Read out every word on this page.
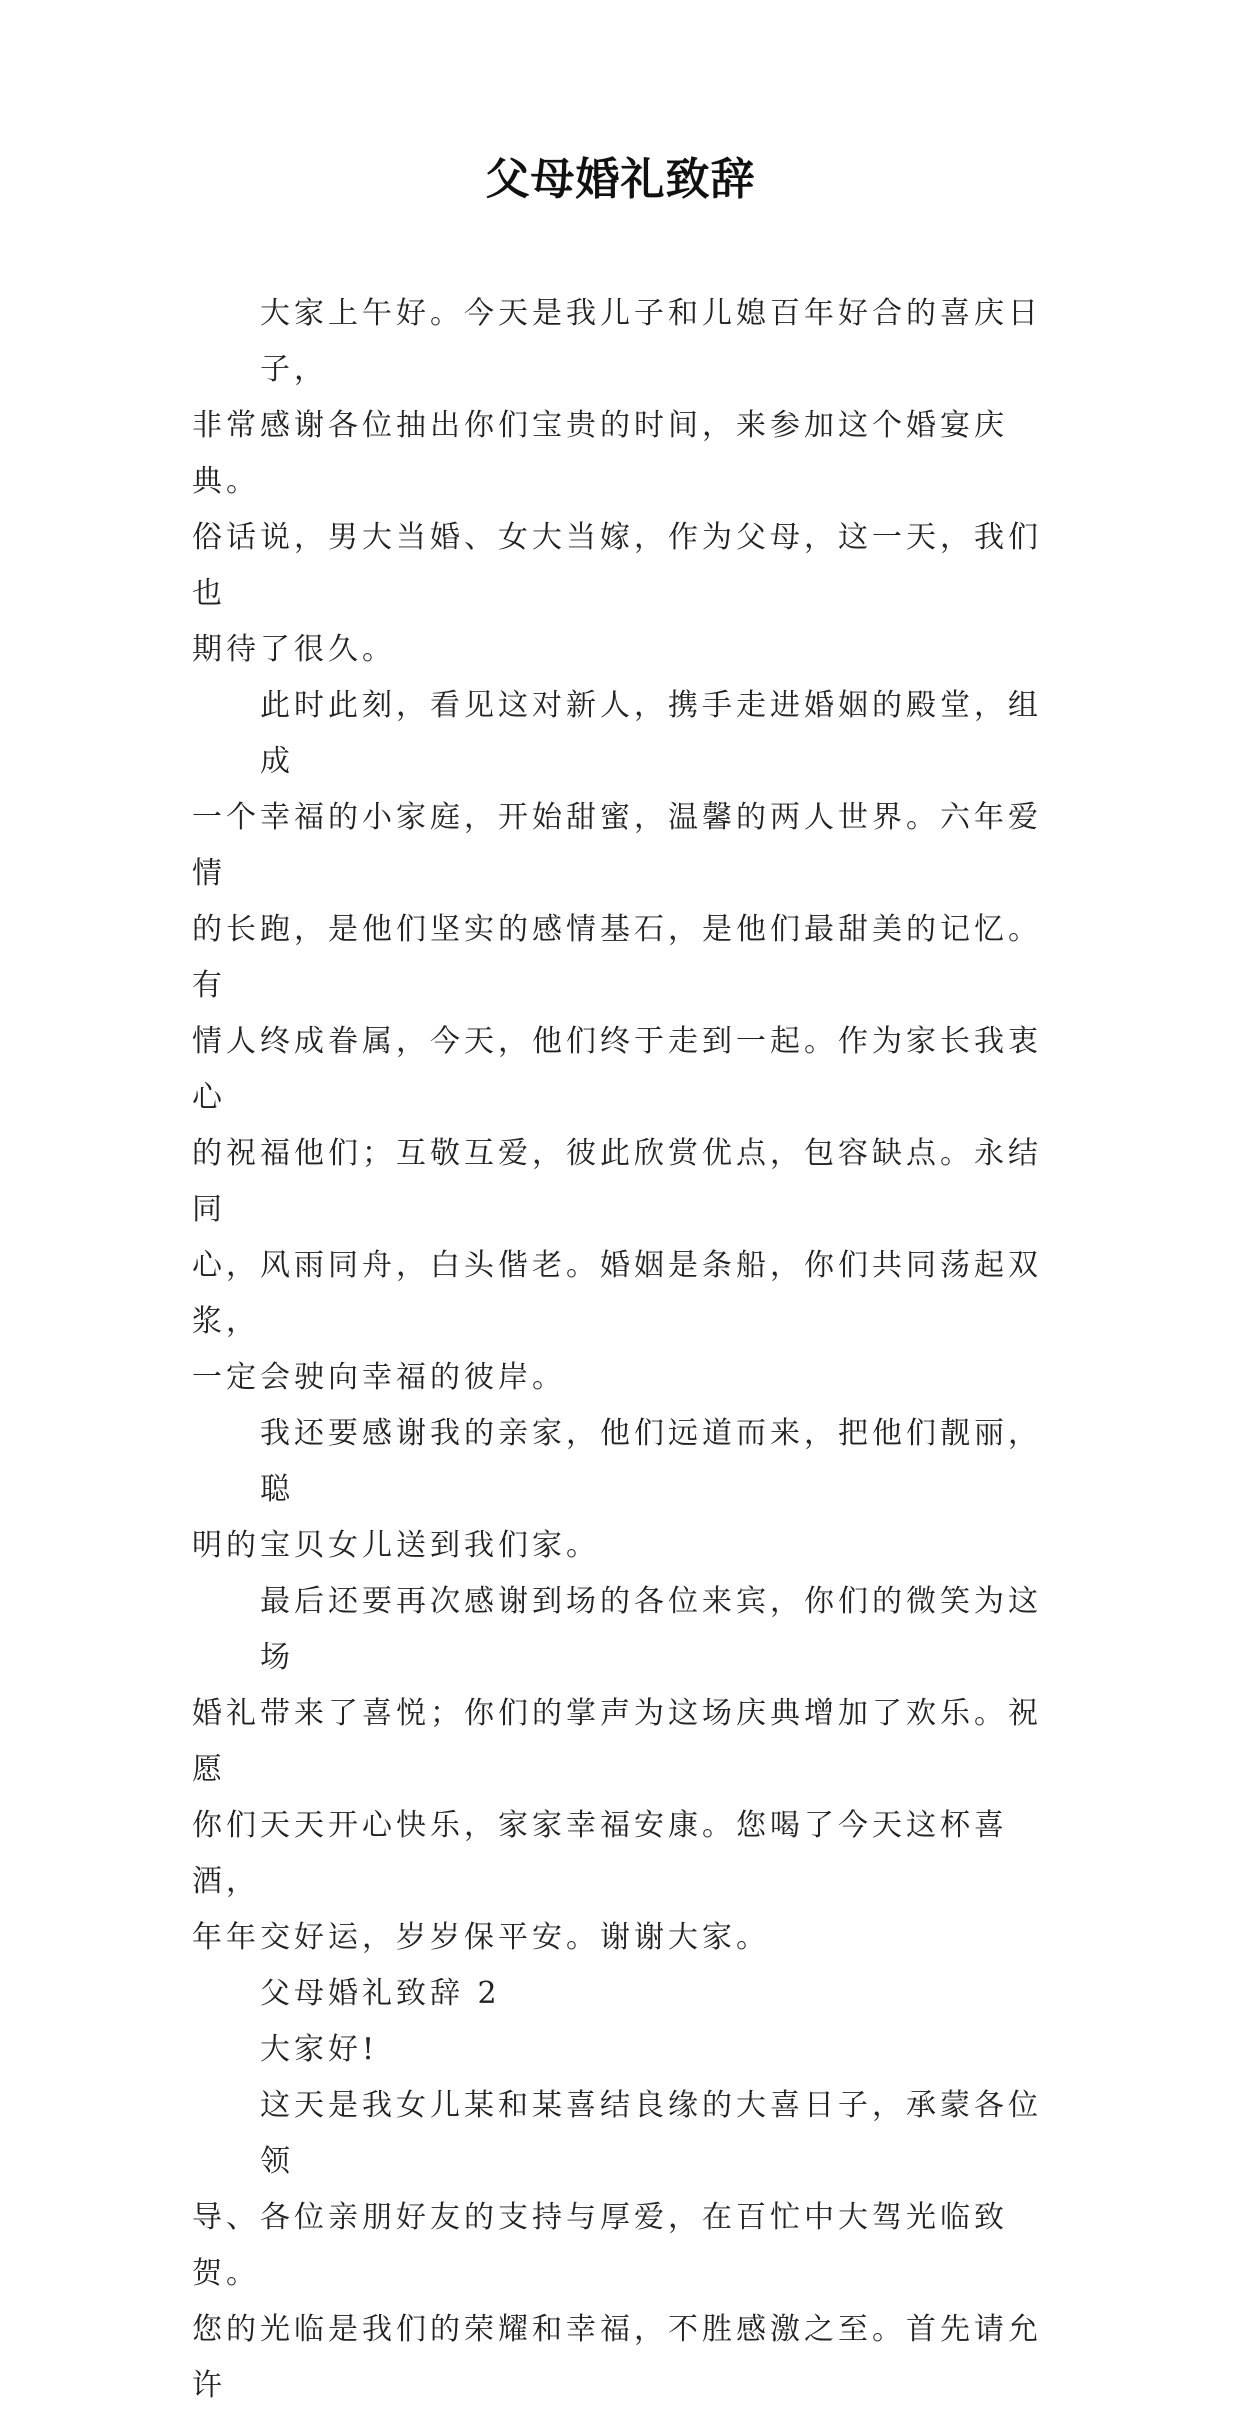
父母婚礼致辞
大家上午好。今天是我儿子和儿媳百年好合的喜庆日子，
非常感谢各位抽出你们宝贵的时间，来参加这个婚宴庆典。
俗话说，男大当婚、女大当嫁，作为父母，这一天，我们也
期待了很久。
此时此刻，看见这对新人，携手走进婚姻的殿堂，组成
一个幸福的小家庭，开始甜蜜，温馨的两人世界。六年爱情
的长跑，是他们坚实的感情基石，是他们最甜美的记忆。有
情人终成眷属，今天，他们终于走到一起。作为家长我衷心
的祝福他们；互敬互爱，彼此欣赏优点，包容缺点。永结同
心，风雨同舟，白头偕老。婚姻是条船，你们共同荡起双浆，
一定会驶向幸福的彼岸。
我还要感谢我的亲家，他们远道而来，把他们靓丽，聪
明的宝贝女儿送到我们家。
最后还要再次感谢到场的各位来宾，你们的微笑为这场
婚礼带来了喜悦；你们的掌声为这场庆典增加了欢乐。祝愿
你们天天开心快乐，家家幸福安康。您喝了今天这杯喜酒，
年年交好运，岁岁保平安。谢谢大家。
父母婚礼致辞 2
大家好!
这天是我女儿某和某喜结良缘的大喜日子，承蒙各位领
导、各位亲朋好友的支持与厚爱，在百忙中大驾光临致贺。
您的光临是我们的荣耀和幸福，不胜感激之至。首先请允许
